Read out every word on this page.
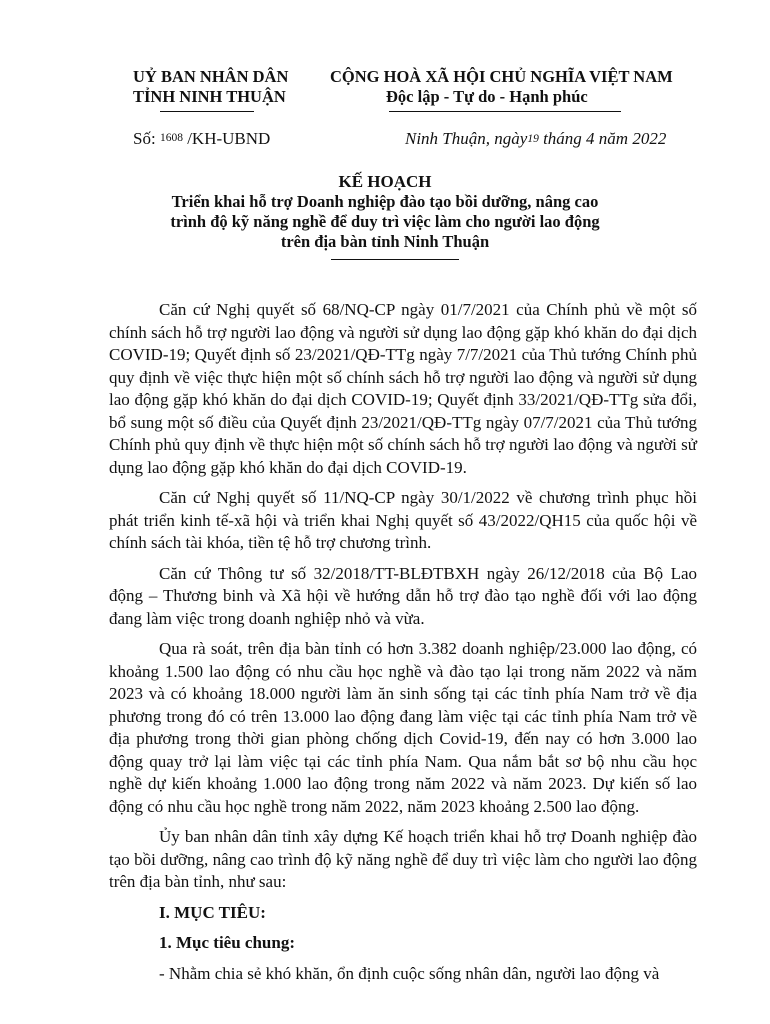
UỶ BAN NHÂN DÂN
TỈNH NINH THUẬN
CỘNG HOÀ XÃ HỘI CHỦ NGHĨA VIỆT NAM
Độc lập - Tự do - Hạnh phúc
Số: 1608 /KH-UBND	Ninh Thuận, ngày19 tháng 4 năm 2022
KẾ HOẠCH
Triển khai hỗ trợ Doanh nghiệp đào tạo bồi dưỡng, nâng cao
trình độ kỹ năng nghề để duy trì việc làm cho người lao động
trên địa bàn tỉnh Ninh Thuận

Căn cứ Nghị quyết số 68/NQ-CP ngày 01/7/2021 của Chính phủ về một số chính sách hỗ trợ người lao động và người sử dụng lao động gặp khó khăn do đại dịch COVID-19; Quyết định số 23/2021/QĐ-TTg ngày 7/7/2021 của Thủ tướng Chính phủ quy định về việc thực hiện một số chính sách hỗ trợ người lao động và người sử dụng lao động gặp khó khăn do đại dịch COVID-19; Quyết định 33/2021/QĐ-TTg sửa đổi, bổ sung một số điều của Quyết định 23/2021/QĐ-TTg ngày 07/7/2021 của Thủ tướng Chính phủ quy định về thực hiện một số chính sách hỗ trợ người lao động và người sử dụng lao động gặp khó khăn do đại dịch COVID-19.

Căn cứ Nghị quyết số 11/NQ-CP ngày 30/1/2022 về chương trình phục hồi phát triển kinh tế-xã hội và triển khai Nghị quyết số 43/2022/QH15 của quốc hội về chính sách tài khóa, tiền tệ hỗ trợ chương trình.

Căn cứ Thông tư số 32/2018/TT-BLĐTBXH ngày 26/12/2018 của Bộ Lao động – Thương binh và Xã hội về hướng dẫn hỗ trợ đào tạo nghề đối với lao động đang làm việc trong doanh nghiệp nhỏ và vừa.

Qua rà soát, trên địa bàn tỉnh có hơn 3.382 doanh nghiệp/23.000 lao động, có khoảng 1.500 lao động có nhu cầu học nghề và đào tạo lại trong năm 2022 và năm 2023 và có khoảng 18.000 người làm ăn sinh sống tại các tỉnh phía Nam trở về địa phương trong đó có trên 13.000 lao động đang làm việc tại các tỉnh phía Nam trở về địa phương trong thời gian phòng chống dịch Covid-19, đến nay có hơn 3.000 lao động quay trở lại làm việc tại các tỉnh phía Nam. Qua nắm bắt sơ bộ nhu cầu học nghề dự kiến khoảng 1.000 lao động trong năm 2022 và năm 2023. Dự kiến số lao động có nhu cầu học nghề trong năm 2022, năm 2023 khoảng 2.500 lao động.

Ủy ban nhân dân tỉnh xây dựng Kế hoạch triển khai hỗ trợ Doanh nghiệp đào tạo bồi dưỡng, nâng cao trình độ kỹ năng nghề để duy trì việc làm cho người lao động trên địa bàn tỉnh, như sau:

I. MỤC TIÊU:

1. Mục tiêu chung:

- Nhằm chia sẻ khó khăn, ổn định cuộc sống nhân dân, người lao động và
